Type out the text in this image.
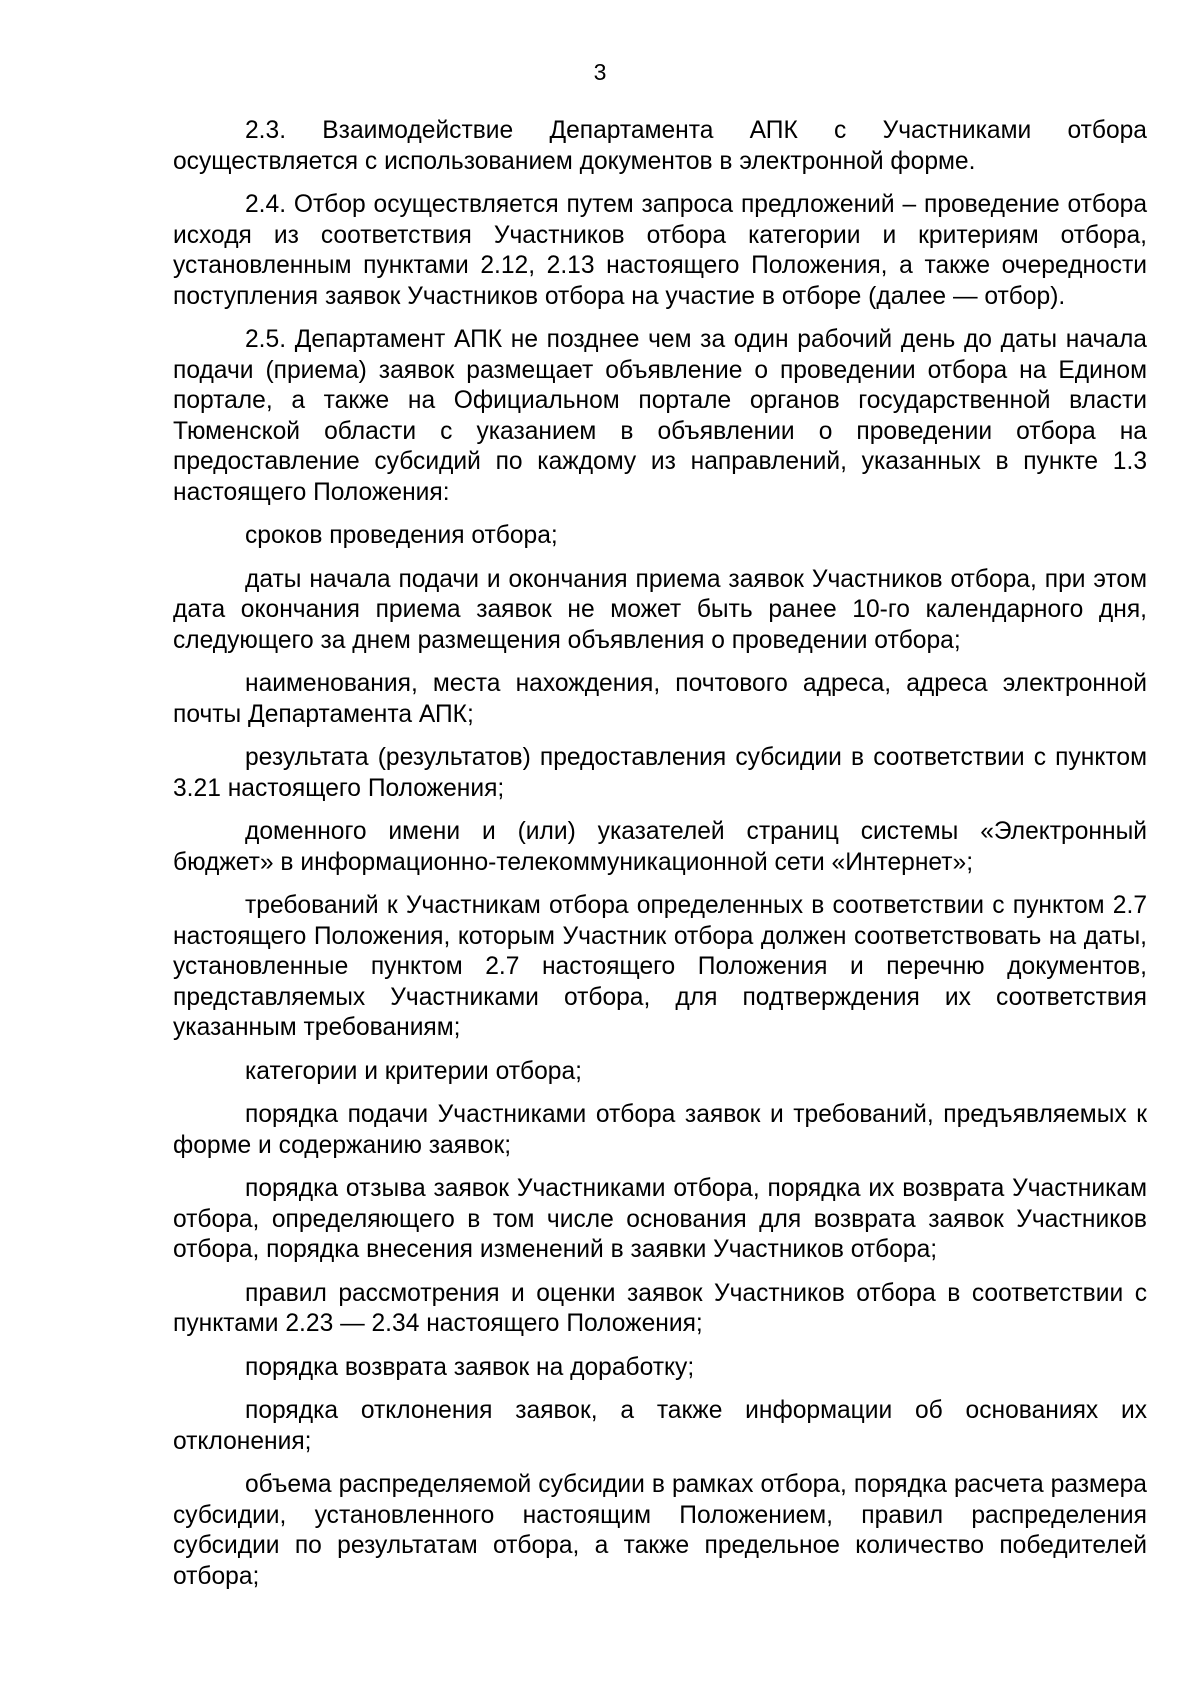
3

2.3. Взаимодействие Департамента АПК с Участниками отбора осуществляется с использованием документов в электронной форме.

2.4. Отбор осуществляется путем запроса предложений – проведение отбора исходя из соответствия Участников отбора категории и критериям отбора, установленным пунктами 2.12, 2.13 настоящего Положения, а также очередности поступления заявок Участников отбора на участие в отборе (далее — отбор).

2.5. Департамент АПК не позднее чем за один рабочий день до даты начала подачи (приема) заявок размещает объявление о проведении отбора на Едином портале, а также на Официальном портале органов государственной власти Тюменской области с указанием в объявлении о проведении отбора на предоставление субсидий по каждому из направлений, указанных в пункте 1.3 настоящего Положения:

сроков проведения отбора;

даты начала подачи и окончания приема заявок Участников отбора, при этом дата окончания приема заявок не может быть ранее 10-го календарного дня, следующего за днем размещения объявления о проведении отбора;

наименования, места нахождения, почтового адреса, адреса электронной почты Департамента АПК;

результата (результатов) предоставления субсидии в соответствии с пунктом 3.21 настоящего Положения;

доменного имени и (или) указателей страниц системы «Электронный бюджет» в информационно-телекоммуникационной сети «Интернет»;

требований к Участникам отбора определенных в соответствии с пунктом 2.7 настоящего Положения, которым Участник отбора должен соответствовать на даты, установленные пунктом 2.7 настоящего Положения и перечню документов, представляемых Участниками отбора, для подтверждения их соответствия указанным требованиям;

категории и критерии отбора;

порядка подачи Участниками отбора заявок и требований, предъявляемых к форме и содержанию заявок;

порядка отзыва заявок Участниками отбора, порядка их возврата Участникам отбора, определяющего в том числе основания для возврата заявок Участников отбора, порядка внесения изменений в заявки Участников отбора;

правил рассмотрения и оценки заявок Участников отбора в соответствии с пунктами 2.23 — 2.34 настоящего Положения;

порядка возврата заявок на доработку;

порядка отклонения заявок, а также информации об основаниях их отклонения;

объема распределяемой субсидии в рамках отбора, порядка расчета размера субсидии, установленного настоящим Положением, правил распределения субсидии по результатам отбора, а также предельное количество победителей отбора;
